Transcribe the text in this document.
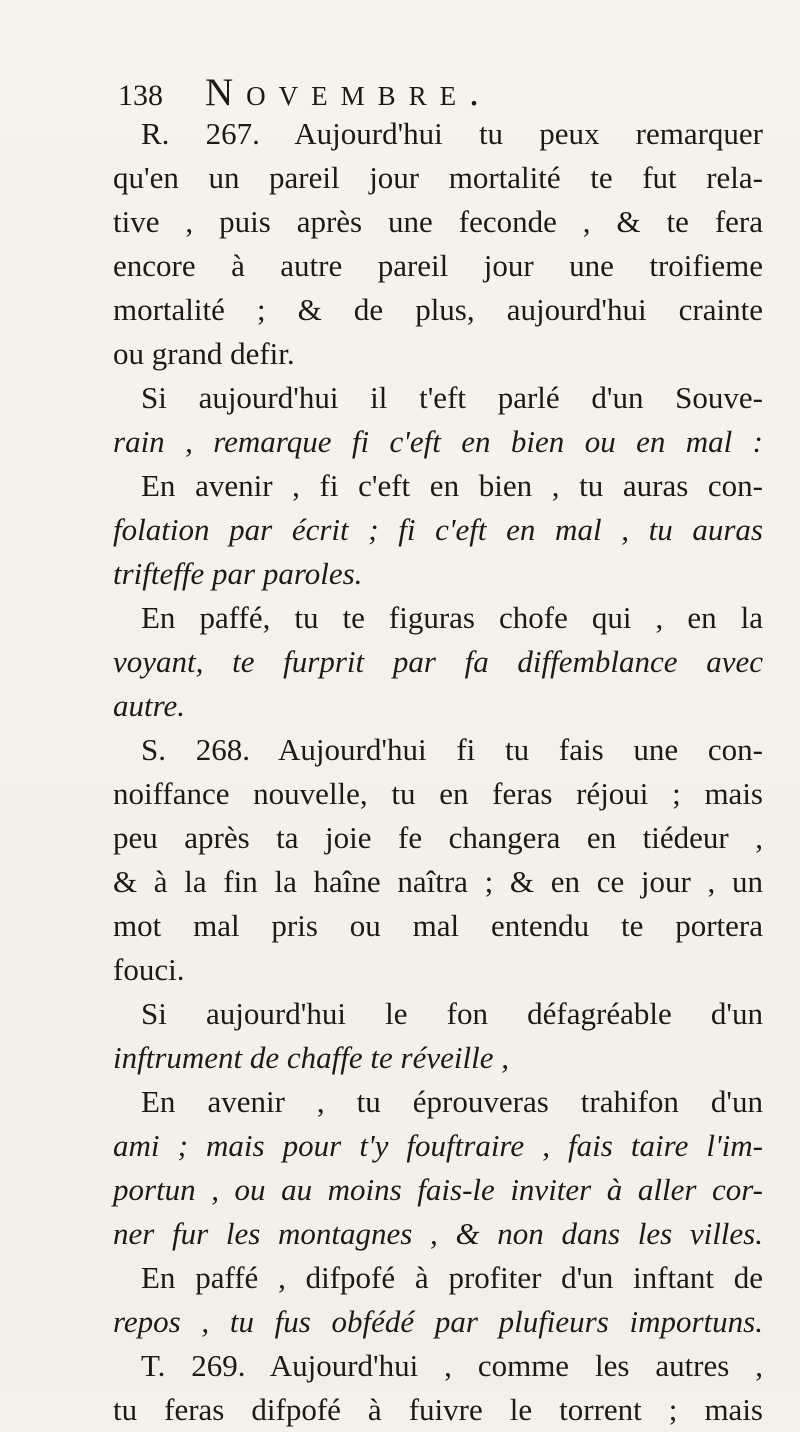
138 Novembre.
R. 267. Aujourd'hui tu peux remarquer
qu'en un pareil jour mortalité te fut rela-
tive , puis après une feconde , & te fera
encore à autre pareil jour une troifieme
mortalité ; & de plus, aujourd'hui crainte
ou grand defir.
Si aujourd'hui il t'eft parlé d'un Souve-
rain , remarque fi c'eft en bien ou en mal :
En avenir , fi c'eft en bien , tu auras con-
folation par écrit ; fi c'eft en mal , tu auras
trifteffe par paroles.
En paffé, tu te figuras chofe qui , en la
voyant, te furprit par fa diffemblance avec
autre.
S. 268. Aujourd'hui fi tu fais une con-
noiffance nouvelle, tu en feras réjoui ; mais
peu après ta joie fe changera en tiédeur ,
& à la fin la haîne naîtra ; & en ce jour , un
mot mal pris ou mal entendu te portera
fouci.
Si aujourd'hui le fon défagréable d'un
inftrument de chaffe te réveille ,
En avenir , tu éprouveras trahifon d'un
ami ; mais pour t'y fouftraire , fais taire l'im-
portun , ou au moins fais-le inviter à aller cor-
ner fur les montagnes , & non dans les villes.
En paffé , difpofé à profiter d'un inftant de
repos , tu fus obfédé par plufieurs importuns.
T. 269. Aujourd'hui , comme les autres ,
tu feras difpofé à fuivre le torrent ; mais
